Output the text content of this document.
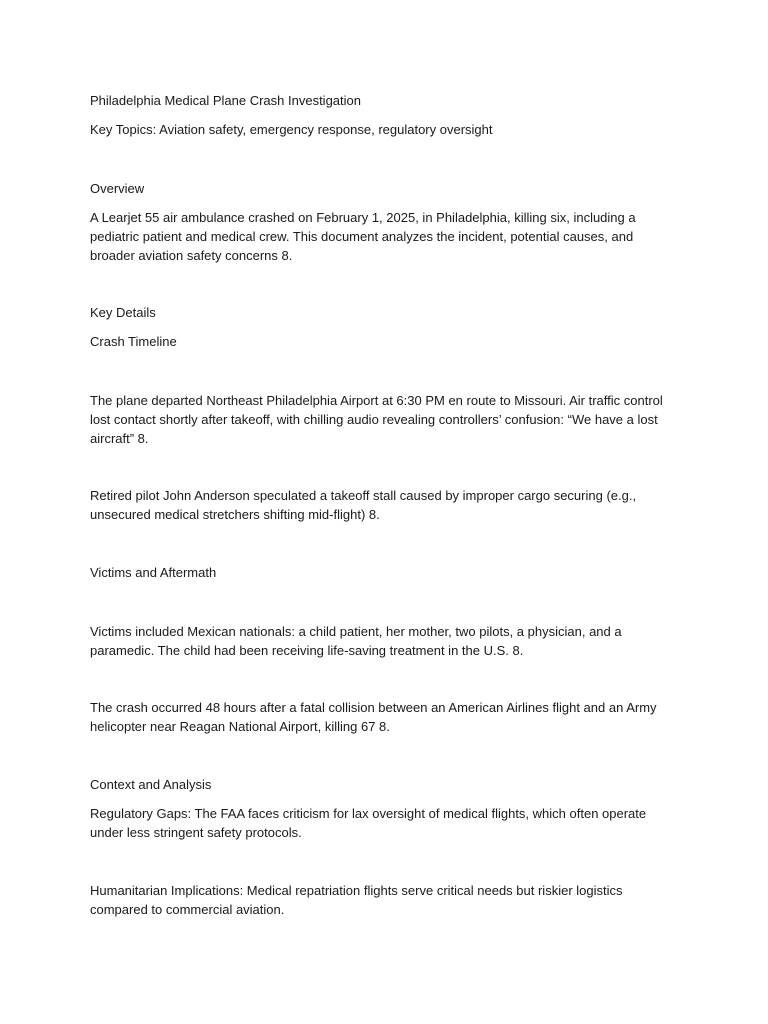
Philadelphia Medical Plane Crash Investigation

Key Topics: Aviation safety, emergency response, regulatory oversight

Overview

A Learjet 55 air ambulance crashed on February 1, 2025, in Philadelphia, killing six, including a pediatric patient and medical crew. This document analyzes the incident, potential causes, and broader aviation safety concerns 8.

Key Details

Crash Timeline

The plane departed Northeast Philadelphia Airport at 6:30 PM en route to Missouri. Air traffic control lost contact shortly after takeoff, with chilling audio revealing controllers’ confusion: “We have a lost aircraft” 8.

Retired pilot John Anderson speculated a takeoff stall caused by improper cargo securing (e.g., unsecured medical stretchers shifting mid-flight) 8.

Victims and Aftermath

Victims included Mexican nationals: a child patient, her mother, two pilots, a physician, and a paramedic. The child had been receiving life-saving treatment in the U.S. 8.

The crash occurred 48 hours after a fatal collision between an American Airlines flight and an Army helicopter near Reagan National Airport, killing 67 8.

Context and Analysis

Regulatory Gaps: The FAA faces criticism for lax oversight of medical flights, which often operate under less stringent safety protocols.

Humanitarian Implications: Medical repatriation flights serve critical needs but riskier logistics compared to commercial aviation.
